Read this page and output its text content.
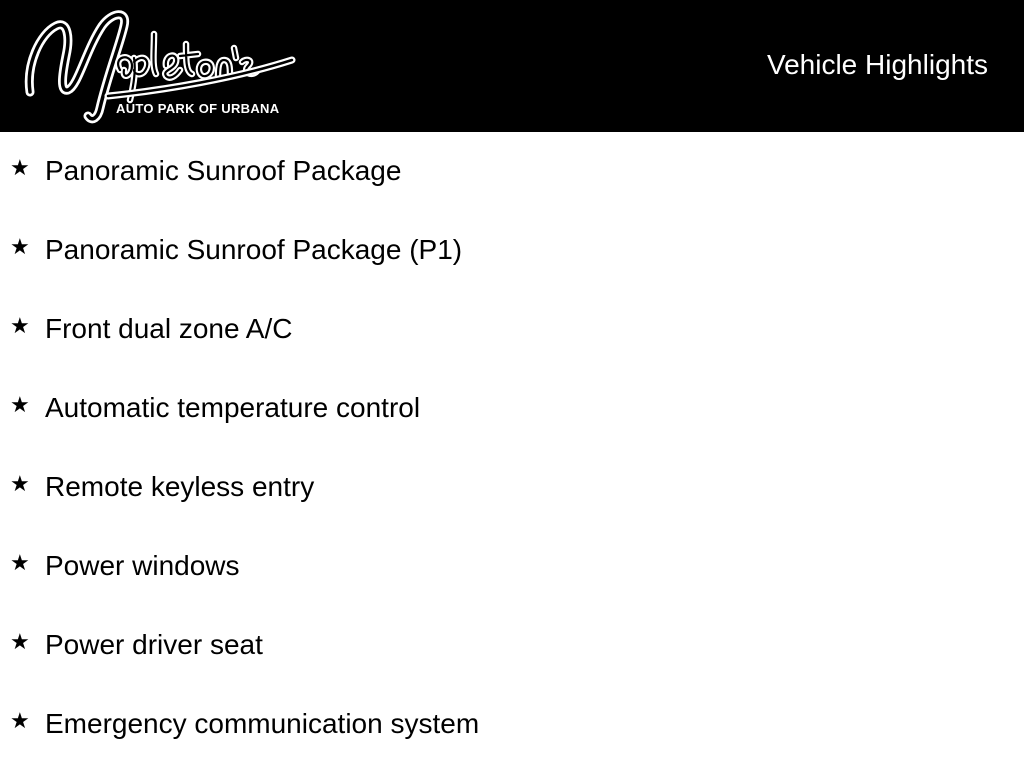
AUTO PARK OF URBANA
Vehicle Highlights
★ Panoramic Sunroof Package
★ Panoramic Sunroof Package (P1)
★ Front dual zone A/C
★ Automatic temperature control
★ Remote keyless entry
★ Power windows
★ Power driver seat
★ Emergency communication system
